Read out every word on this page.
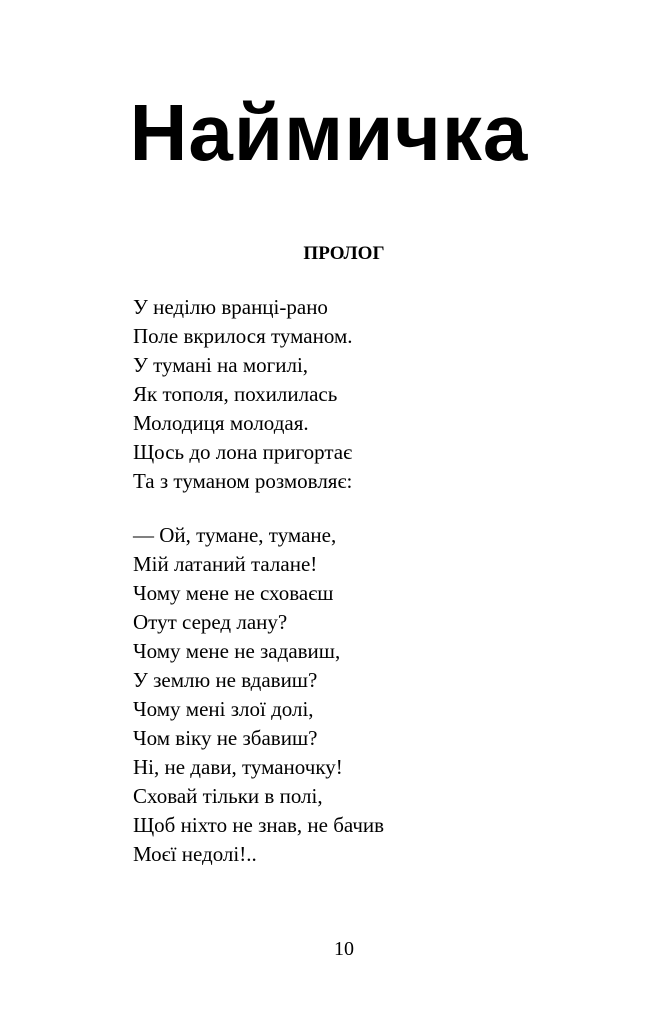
Наймичка
ПРОЛОГ
У неділю вранці-рано
Поле вкрилося туманом.
У тумані на могилі,
Як тополя, похилилась
Молодиця молодая.
Щось до лона пригортає
Та з туманом розмовляє:
— Ой, тумане, тумане,
Мій латаний талане!
Чому мене не сховаєш
Отут серед лану?
Чому мене не задавиш,
У землю не вдавиш?
Чому мені злої долі,
Чом віку не збавиш?
Ні, не дави, туманочку!
Сховай тільки в полі,
Щоб ніхто не знав, не бачив
Моєї недолі!..

10
